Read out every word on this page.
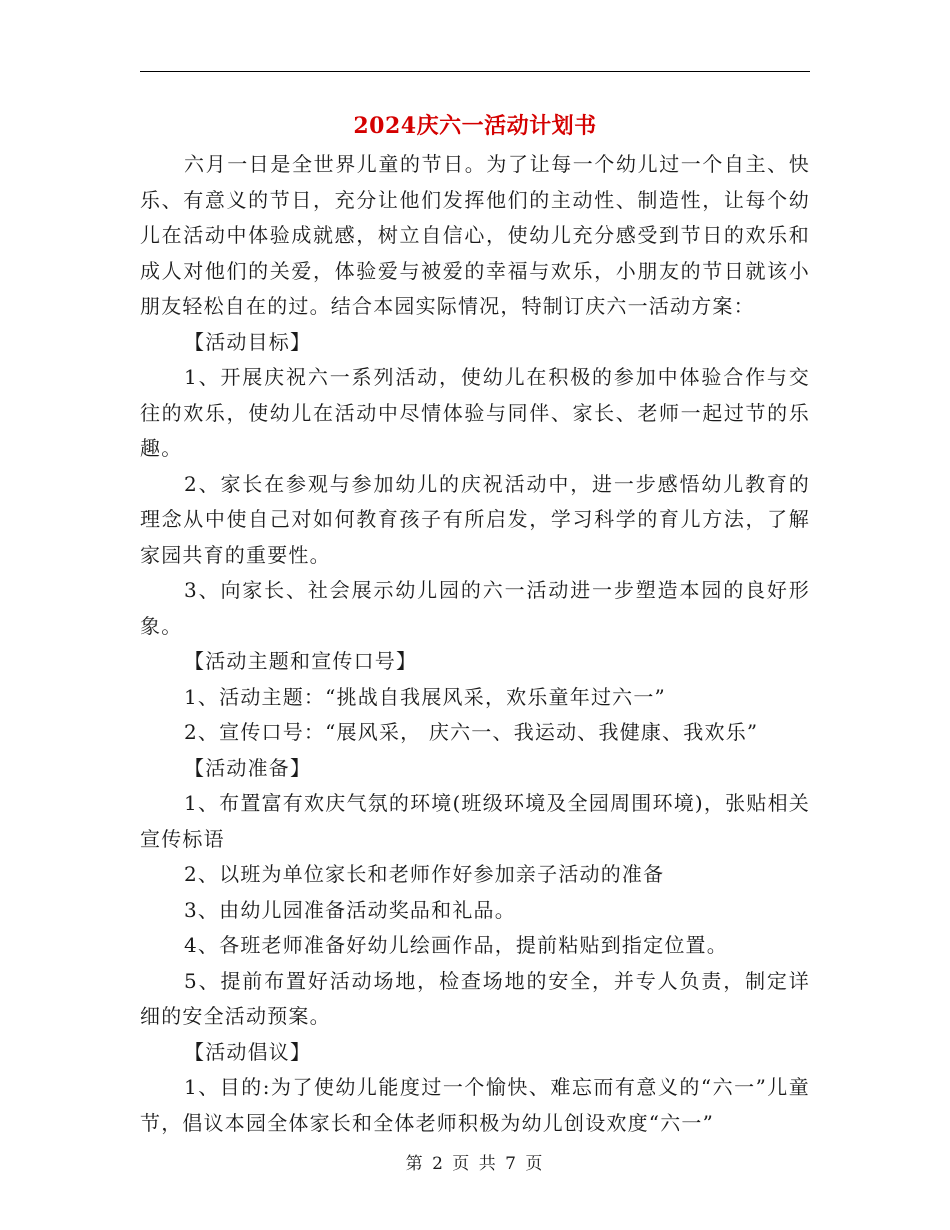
2024庆六一活动计划书

六月一日是全世界儿童的节日。为了让每一个幼儿过一个自主、快乐、有意义的节日，充分让他们发挥他们的主动性、制造性，让每个幼儿在活动中体验成就感，树立自信心，使幼儿充分感受到节日的欢乐和成人对他们的关爱，体验爱与被爱的幸福与欢乐，小朋友的节日就该小朋友轻松自在的过。结合本园实际情况，特制订庆六一活动方案：

【活动目标】

1、开展庆祝六一系列活动，使幼儿在积极的参加中体验合作与交往的欢乐，使幼儿在活动中尽情体验与同伴、家长、老师一起过节的乐趣。

2、家长在参观与参加幼儿的庆祝活动中，进一步感悟幼儿教育的理念从中使自己对如何教育孩子有所启发，学习科学的育儿方法，了解家园共育的重要性。

3、向家长、社会展示幼儿园的六一活动进一步塑造本园的良好形象。

【活动主题和宣传口号】

1、活动主题：“挑战自我展风采，欢乐童年过六一”

2、宣传口号：“展风采， 庆六一、我运动、我健康、我欢乐”

【活动准备】

1、布置富有欢庆气氛的环境(班级环境及全园周围环境)，张贴相关宣传标语

2、以班为单位家长和老师作好参加亲子活动的准备

3、由幼儿园准备活动奖品和礼品。

4、各班老师准备好幼儿绘画作品，提前粘贴到指定位置。

5、提前布置好活动场地，检查场地的安全，并专人负责，制定详细的安全活动预案。

【活动倡议】

1、目的:为了使幼儿能度过一个愉快、难忘而有意义的“六一”儿童节，倡议本园全体家长和全体老师积极为幼儿创设欢度“六一”

第 2 页 共 7 页
